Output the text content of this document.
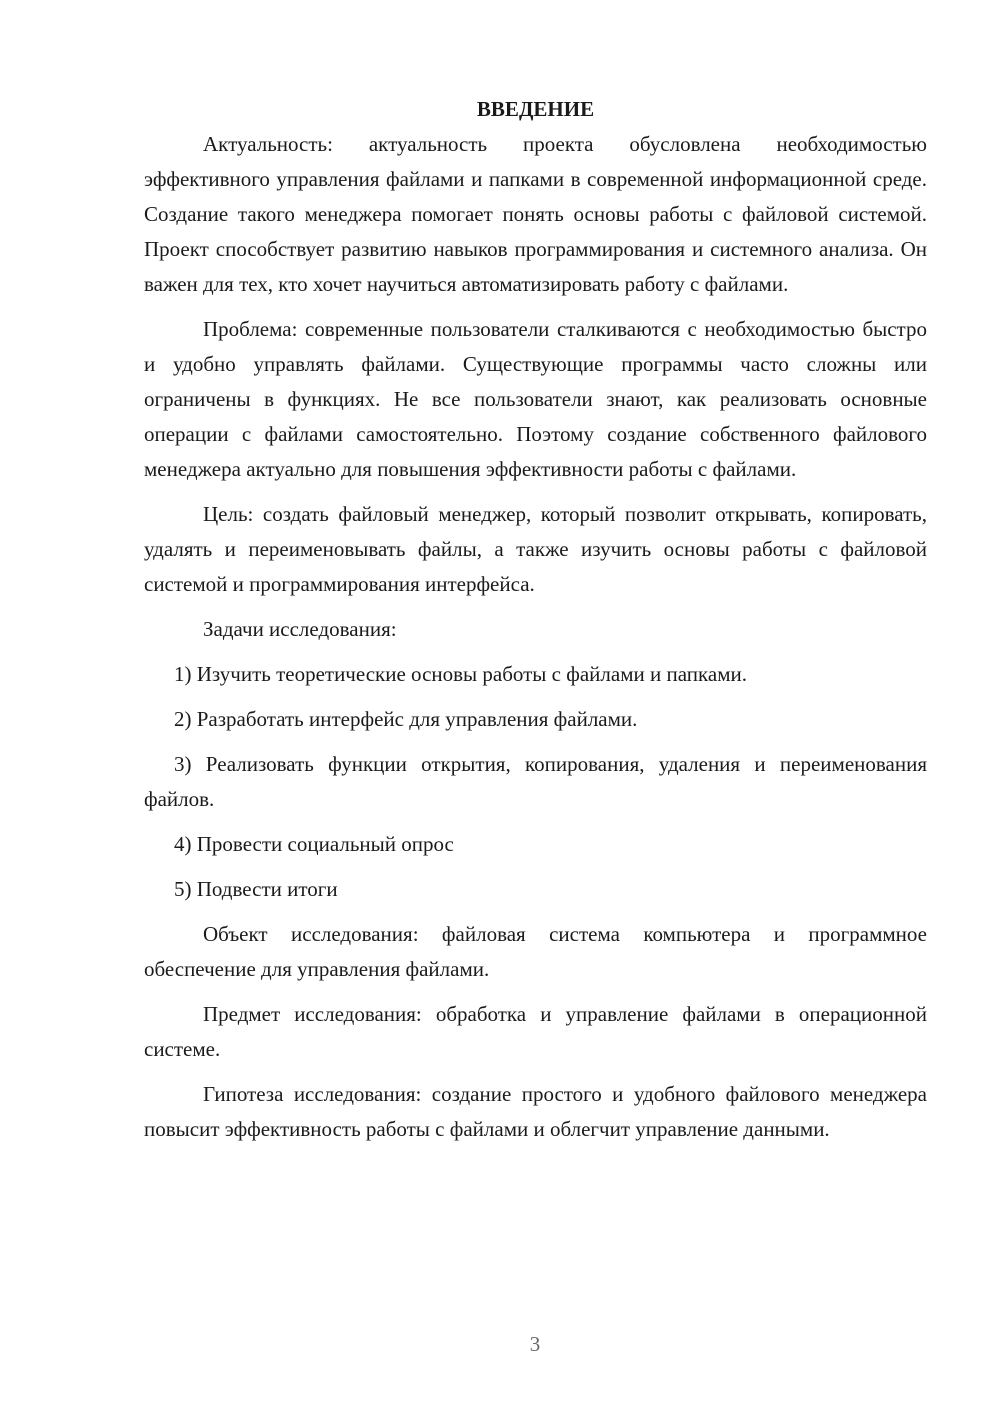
ВВЕДЕНИЕ

Актуальность: актуальность проекта обусловлена необходимостью эффективного управления файлами и папками в современной информационной среде. Создание такого менеджера помогает понять основы работы с файловой системой. Проект способствует развитию навыков программирования и системного анализа. Он важен для тех, кто хочет научиться автоматизировать работу с файлами.

Проблема: современные пользователи сталкиваются с необходимостью быстро и удобно управлять файлами. Существующие программы часто сложны или ограничены в функциях. Не все пользователи знают, как реализовать основные операции с файлами самостоятельно. Поэтому создание собственного файлового менеджера актуально для повышения эффективности работы с файлами.

Цель: создать файловый менеджер, который позволит открывать, копировать, удалять и переименовывать файлы, а также изучить основы работы с файловой системой и программирования интерфейса.

Задачи исследования:

1) Изучить теоретические основы работы с файлами и папками.

2) Разработать интерфейс для управления файлами.

3) Реализовать функции открытия, копирования, удаления и переименования файлов.

4) Провести социальный опрос

5) Подвести итоги

Объект исследования: файловая система компьютера и программное обеспечение для управления файлами.

Предмет исследования: обработка и управление файлами в операционной системе.

Гипотеза исследования: создание простого и удобного файлового менеджера повысит эффективность работы с файлами и облегчит управление данными.

3
